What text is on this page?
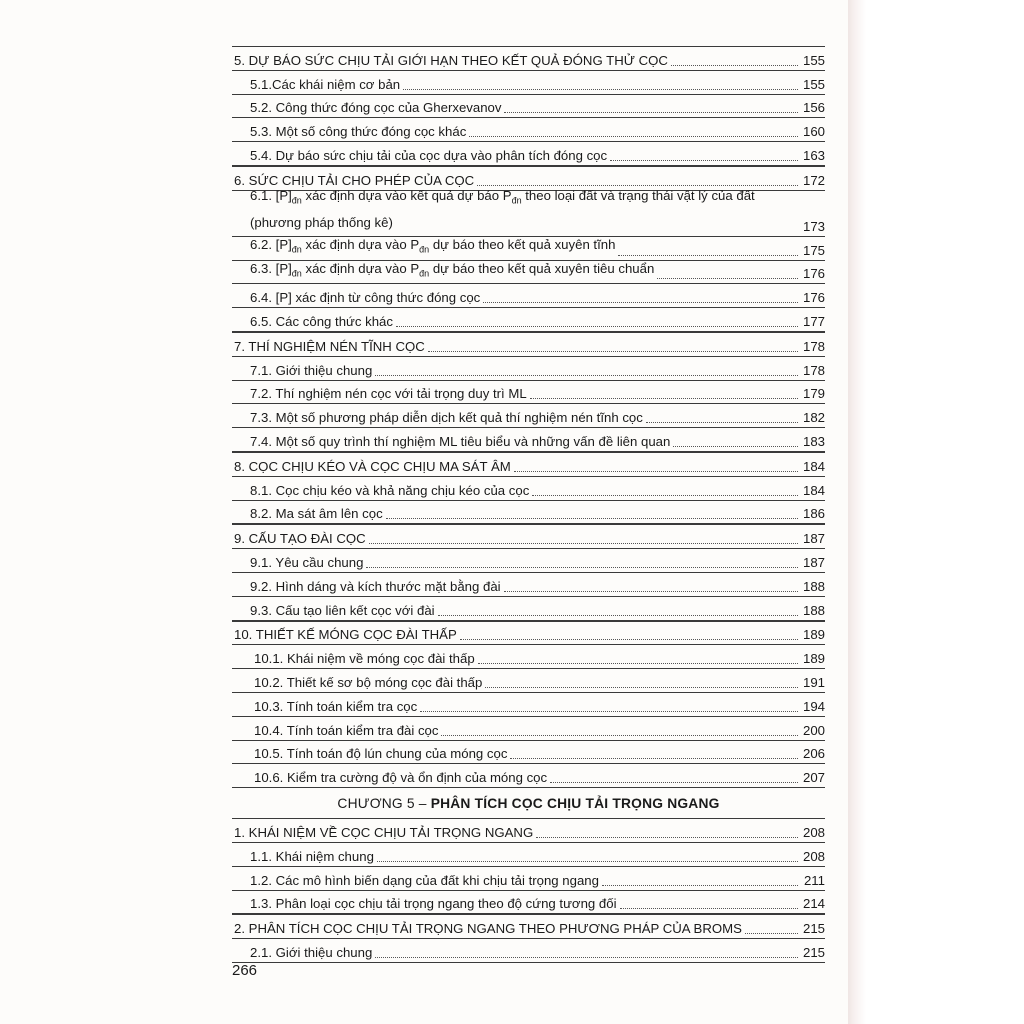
5. DỰ BÁO SỨC CHỊU TẢI GIỚI HẠN THEO KẾT QUẢ ĐÓNG THỬ CỌC	155
5.1.Các khái niệm cơ bản	155
5.2. Công thức đóng cọc của Gherxevanov	156
5.3. Một số công thức đóng cọc khác	160
5.4. Dự báo sức chịu tải của cọc dựa vào phân tích đóng cọc	163
6. SỨC CHỊU TẢI CHO PHÉP CỦA CỌC	172
6.1. $[P]_{đn}$ xác định dựa vào kết quả dự báo $P_{đn}$ theo loại đất và trạng thái vật lý của đất (phương pháp thống kê)	173
6.2. $[P]_{đn}$ xác định dựa vào $P_{đn}$ dự báo theo kết quả xuyên tĩnh	175
6.3. $[P]_{đn}$ xác định dựa vào $P_{đn}$ dự báo theo kết quả xuyên tiêu chuẩn	176
6.4. [P] xác định từ công thức đóng cọc	176
6.5. Các công thức khác	177
7. THÍ NGHIỆM NÉN TĨNH CỌC	178
7.1. Giới thiệu chung	178
7.2. Thí nghiệm nén cọc với tải trọng duy trì ML	179
7.3. Một số phương pháp diễn dịch kết quả thí nghiệm nén tĩnh cọc	182
7.4. Một số quy trình thí nghiệm ML tiêu biểu và những vấn đề liên quan	183
8. CỌC CHỊU KÉO VÀ CỌC CHỊU MA SÁT ÂM	184
8.1. Cọc chịu kéo và khả năng chịu kéo của cọc	184
8.2. Ma sát âm lên cọc	186
9. CẤU TẠO ĐÀI CỌC	187
9.1. Yêu cầu chung	187
9.2. Hình dáng và kích thước mặt bằng đài	188
9.3. Cấu tạo liên kết cọc với đài	188
10. THIẾT KẾ MÓNG CỌC ĐÀI THẤP	189
10.1. Khái niệm về móng cọc đài thấp	189
10.2. Thiết kế sơ bộ móng cọc đài thấp	191
10.3. Tính toán kiểm tra cọc	194
10.4. Tính toán kiểm tra đài cọc	200
10.5. Tính toán độ lún chung của móng cọc	206
10.6. Kiểm tra cường độ và ổn định của móng cọc	207
CHƯƠNG 5 –
PHÂN TÍCH CỌC CHỊU TẢI TRỌNG NGANG
1. KHÁI NIỆM VỀ CỌC CHỊU TẢI TRỌNG NGANG	208
1.1. Khái niệm chung	208
1.2. Các mô hình biến dạng của đất khi chịu tải trọng ngang	211
1.3. Phân loại cọc chịu tải trọng ngang theo độ cứng tương đối	214
2. PHÂN TÍCH CỌC CHỊU TẢI TRỌNG NGANG THEO PHƯƠNG PHÁP CỦA BROMS	215
2.1. Giới thiệu chung	215
266
